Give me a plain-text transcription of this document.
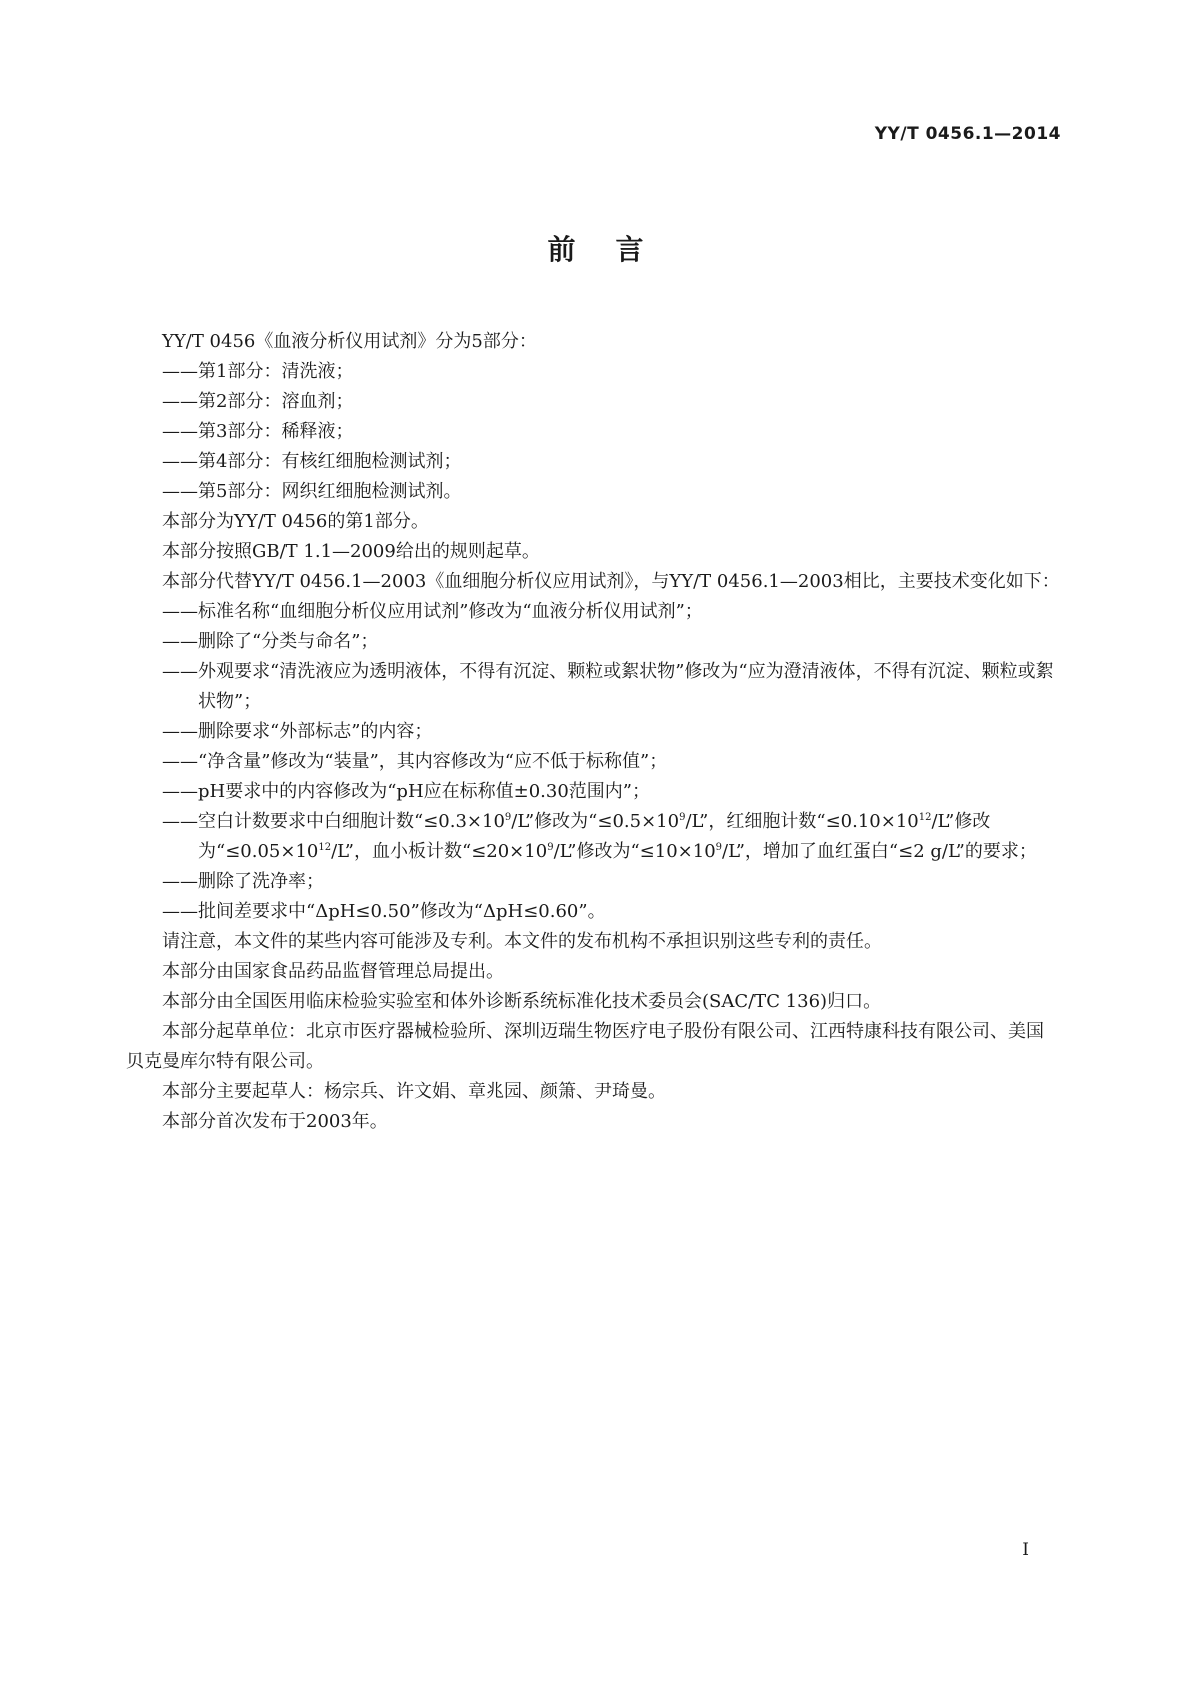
YY/T 0456.1—2014
前言

YY/T 0456《血液分析仪用试剂》分为5部分：

——第1部分：清洗液；

——第2部分：溶血剂；

——第3部分：稀释液；

——第4部分：有核红细胞检测试剂；

——第5部分：网织红细胞检测试剂。

本部分为YY/T 0456的第1部分。

本部分按照GB/T 1.1—2009给出的规则起草。

本部分代替YY/T 0456.1—2003《血细胞分析仪应用试剂》，与YY/T 0456.1—2003相比，主要技术变化如下：

——标准名称“血细胞分析仪应用试剂”修改为“血液分析仪用试剂”；

——删除了“分类与命名”；

——外观要求“清洗液应为透明液体，不得有沉淀、颗粒或絮状物”修改为“应为澄清液体，不得有沉淀、颗粒或絮状物”；

——删除要求“外部标志”的内容；

——“净含量”修改为“装量”，其内容修改为“应不低于标称值”；

——pH要求中的内容修改为“pH应在标称值±0.30范围内”；

——空白计数要求中白细胞计数“$\le 0.3\times 10^9/L$”修改为“$\le 0.5\times 10^9/L$”，红细胞计数“$\le 0.10\times 10^{12}/L$”修改为“$\le 0.05\times 10^{12}/L$”，血小板计数“$\le 20\times 10^9/L$”修改为“$\le 10\times 10^9/L$”，增加了血红蛋白“≤2 g/L”的要求；

——删除了洗净率；

——批间差要求中“ΔpH≤0.50”修改为“ΔpH≤0.60”。

请注意，本文件的某些内容可能涉及专利。本文件的发布机构不承担识别这些专利的责任。

本部分由国家食品药品监督管理总局提出。

本部分由全国医用临床检验实验室和体外诊断系统标准化技术委员会(SAC/TC 136)归口。

本部分起草单位：北京市医疗器械检验所、深圳迈瑞生物医疗电子股份有限公司、江西特康科技有限公司、美国贝克曼库尔特有限公司。

本部分主要起草人：杨宗兵、许文娟、章兆园、颜箫、尹琦曼。

本部分首次发布于2003年。

I
